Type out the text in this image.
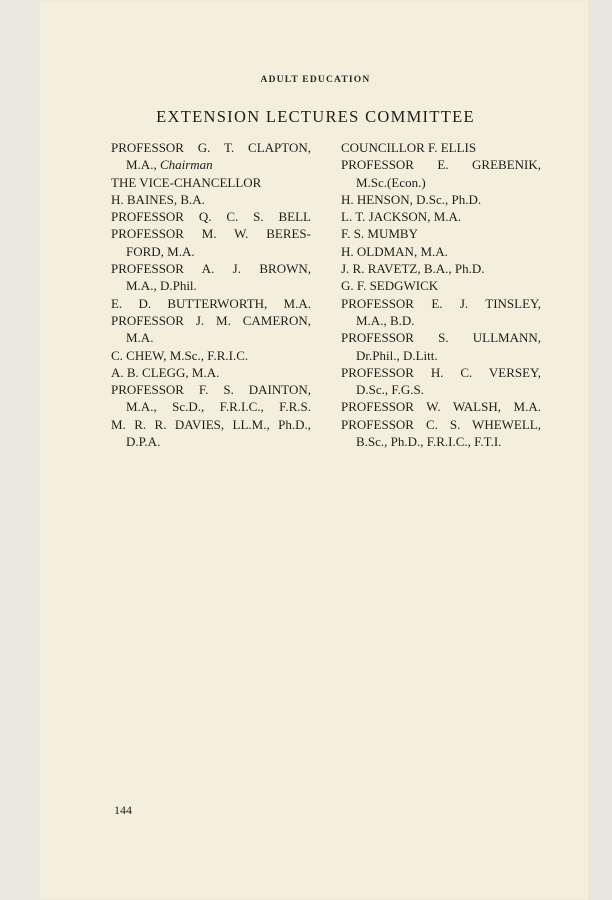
ADULT EDUCATION
EXTENSION LECTURES COMMITTEE
PROFESSOR G. T. CLAPTON,
M.A., Chairman
THE VICE-CHANCELLOR
H. BAINES, B.A.
PROFESSOR Q. C. S. BELL
PROFESSOR M. W. BERES-
FORD, M.A.
PROFESSOR A. J. BROWN,
M.A., D.Phil.
E. D. BUTTERWORTH, M.A.
PROFESSOR J. M. CAMERON,
M.A.
C. CHEW, M.Sc., F.R.I.C.
A. B. CLEGG, M.A.
PROFESSOR F. S. DAINTON,
M.A., Sc.D., F.R.I.C., F.R.S.
M. R. R. DAVIES, LL.M., Ph.D.,
D.P.A.
COUNCILLOR F. ELLIS
PROFESSOR E. GREBENIK,
M.Sc.(Econ.)
H. HENSON, D.Sc., Ph.D.
L. T. JACKSON, M.A.
F. S. MUMBY
H. OLDMAN, M.A.
J. R. RAVETZ, B.A., Ph.D.
G. F. SEDGWICK
PROFESSOR E. J. TINSLEY,
M.A., B.D.
PROFESSOR S. ULLMANN,
Dr.Phil., D.Litt.
PROFESSOR H. C. VERSEY,
D.Sc., F.G.S.
PROFESSOR W. WALSH, M.A.
PROFESSOR C. S. WHEWELL,
B.Sc., Ph.D., F.R.I.C., F.T.I.
144
